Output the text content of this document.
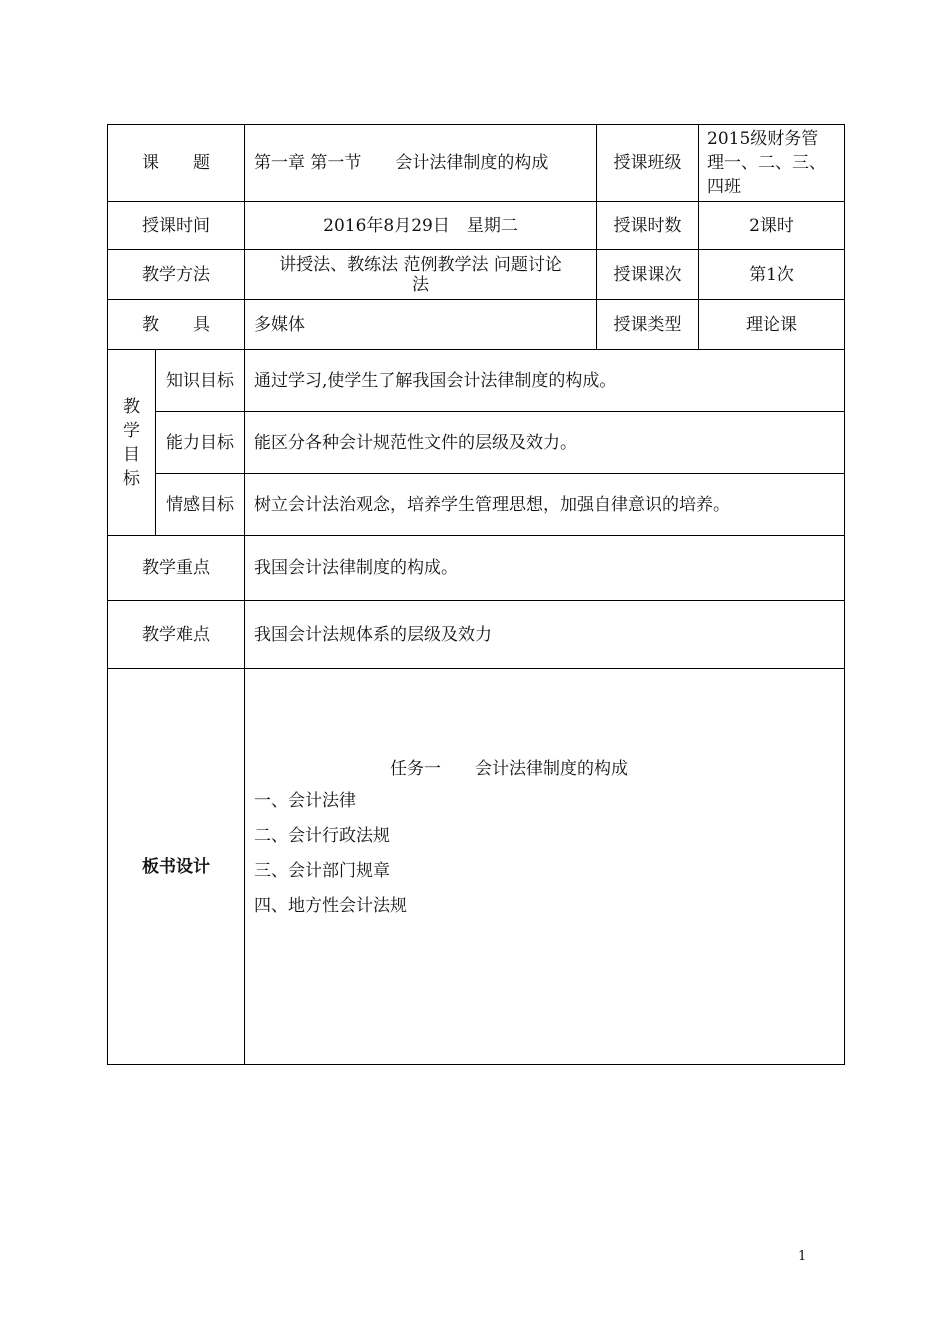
课　　题		第一章 第一节　　会计法律制度的构成	授课班级	2015级财务管
理一、二、三、
四班
授课时间		2016年8月29日　星期二	授课时数	2课时
教学方法		讲授法、教练法 范例教学法 问题讨论
法	授课课次	第1次
教　　具		多媒体	授课类型	理论课

教
学
目
标	知识目标	通过学习,使学生了解我国会计法律制度的构成。		
	能力目标	能区分各种会计规范性文件的层级及效力。		
	情感目标	树立会计法治观念，培养学生管理思想，加强自律意识的培养。		
教学重点		我国会计法律制度的构成。		
教学难点		我国会计法规体系的层级及效力		
板书设计		任务一　　会计法律制度的构成
一、会计法律
二、会计行政法规
三、会计部门规章
四、地方性会计法规		
1
